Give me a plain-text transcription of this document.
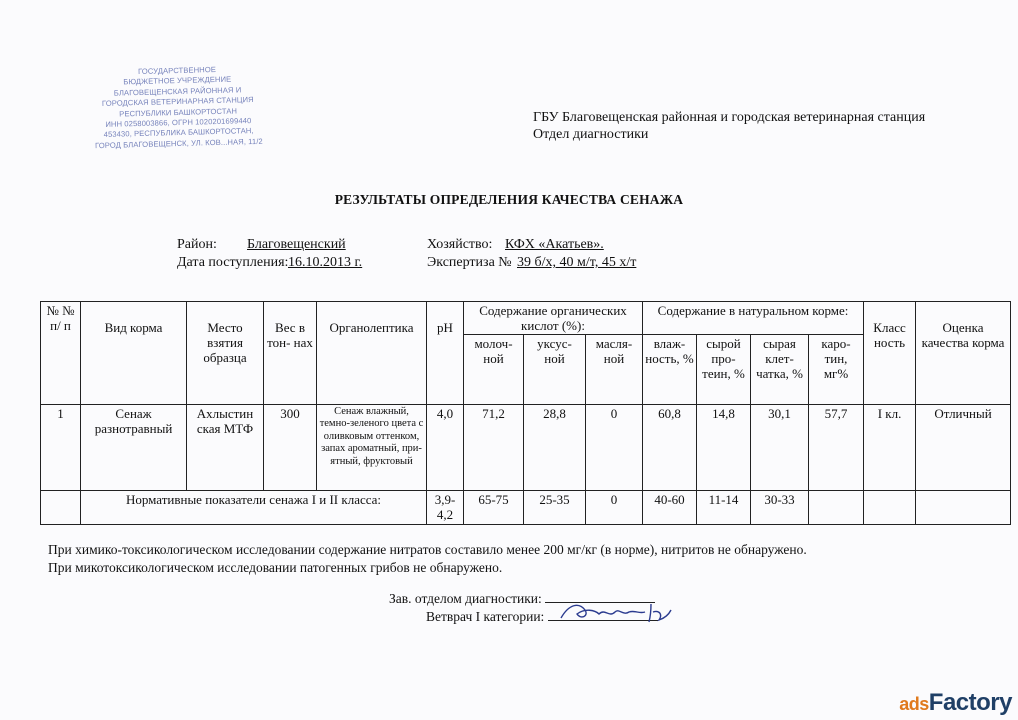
ГОСУДАРСТВЕННОЕ
БЮДЖЕТНОЕ УЧРЕЖДЕНИЕ
БЛАГОВЕЩЕНСКАЯ РАЙОННАЯ И
ГОРОДСКАЯ ВЕТЕРИНАРНАЯ СТАНЦИЯ
РЕСПУБЛИКИ БАШКОРТОСТАН
ИНН 0258003866, ОГРН 1020201699440
453430, РЕСПУБЛИКА БАШКОРТОСТАН,
ГОРОД БЛАГОВЕЩЕНСК, УЛ. КОВ...НАЯ, 11/2
ГБУ Благовещенская районная и городская ветеринарная станция
Отдел диагностики
РЕЗУЛЬТАТЫ ОПРЕДЕЛЕНИЯ КАЧЕСТВА СЕНАЖА
Район: Благовещенский	Хозяйство: КФХ «Акатьев».
Дата поступления: 16.10.2013 г.	Экспертиза № 39 б/х, 40 м/т, 45 х/т
№ № п/ п	Вид корма	Место взятия образца	Вес в тон- нах	Органолептика	pH	Содержание органических кислот (%):			Содержание в натуральном корме:				Класс ность	Оценка качества корма
						молоч- ной	уксус- ной	масля- ной	влаж- ность, %	сырой про- теин, %	сырая клет- чатка, %	каро- тин, мг%		
1	Сенаж разнотравный	Ахлыстин ская МТФ	300	Сенаж влажный, темно-зеленого цвета с оливковым оттенком, запах ароматный, при- ятный, фруктовый	4,0	71,2	28,8	0	60,8	14,8	30,1	57,7	I кл.	Отличный
	Нормативные показатели сенажа I и II класса:				3,9- 4,2	65-75	25-35	0	40-60	11-14	30-33			
При химико-токсикологическом исследовании содержание нитратов составило менее 200 мг/кг (в норме), нитритов не обнаружено.
При микотоксикологическом исследовании патогенных грибов не обнаружено.
Зав. отделом диагностики:
Ветврач I категории:
adsFactory
